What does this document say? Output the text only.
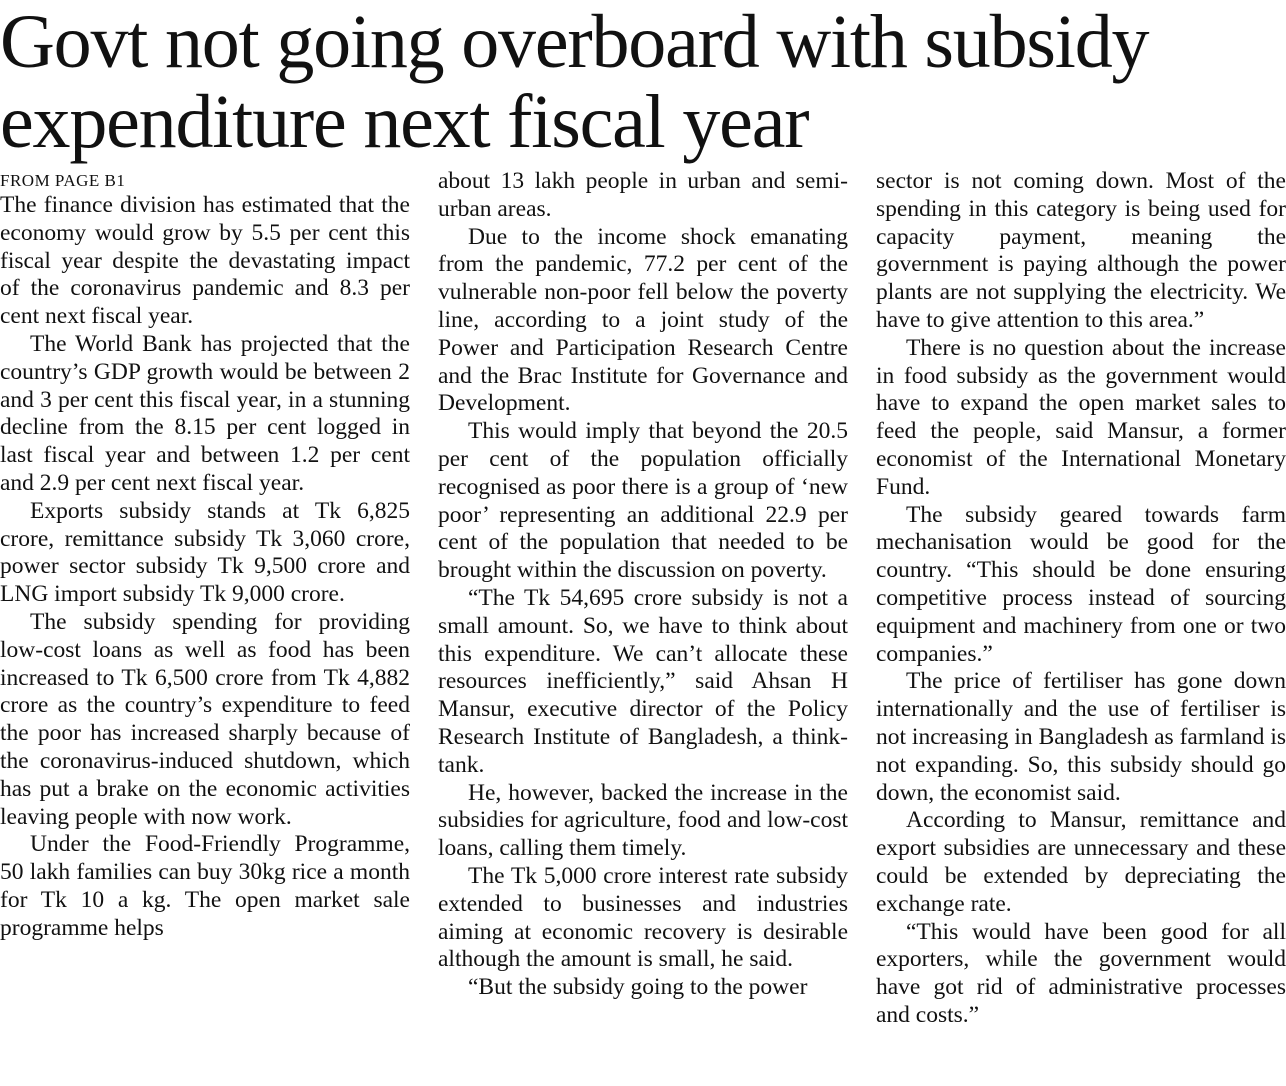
Govt not going overboard with subsidy
expenditure next fiscal year
FROM PAGE B1

The finance division has estimated that the economy would grow by 5.5 per cent this fiscal year despite the devastating impact of the coronavirus pandemic and 8.3 per cent next fiscal year.

The World Bank has projected that the country’s GDP growth would be between 2 and 3 per cent this fiscal year, in a stunning decline from the 8.15 per cent logged in last fiscal year and between 1.2 per cent and 2.9 per cent next fiscal year.

Exports subsidy stands at Tk 6,825 crore, remittance subsidy Tk 3,060 crore, power sector subsidy Tk 9,500 crore and LNG import subsidy Tk 9,000 crore.

The subsidy spending for providing low-cost loans as well as food has been increased to Tk 6,500 crore from Tk 4,882 crore as the country’s expenditure to feed the poor has increased sharply because of the coronavirus-induced shutdown, which has put a brake on the economic activities leaving people with now work.

Under the Food-Friendly Programme, 50 lakh families can buy 30kg rice a month for Tk 10 a kg. The open market sale programme helps

about 13 lakh people in urban and semi-urban areas.

Due to the income shock emanating from the pandemic, 77.2 per cent of the vulnerable non-poor fell below the poverty line, according to a joint study of the Power and Participation Research Centre and the Brac Institute for Governance and Development.

This would imply that beyond the 20.5 per cent of the population officially recognised as poor there is a group of ‘new poor’ representing an additional 22.9 per cent of the population that needed to be brought within the discussion on poverty.

“The Tk 54,695 crore subsidy is not a small amount. So, we have to think about this expenditure. We can’t allocate these resources inefficiently,” said Ahsan H Mansur, executive director of the Policy Research Institute of Bangladesh, a think-tank.

He, however, backed the increase in the subsidies for agriculture, food and low-cost loans, calling them timely.

The Tk 5,000 crore interest rate subsidy extended to businesses and industries aiming at economic recovery is desirable although the amount is small, he said.

“But the subsidy going to the power

sector is not coming down. Most of the spending in this category is being used for capacity payment, meaning the government is paying although the power plants are not supplying the electricity. We have to give attention to this area.”

There is no question about the increase in food subsidy as the government would have to expand the open market sales to feed the people, said Mansur, a former economist of the International Monetary Fund.

The subsidy geared towards farm mechanisation would be good for the country. “This should be done ensuring competitive process instead of sourcing equipment and machinery from one or two companies.”

The price of fertiliser has gone down internationally and the use of fertiliser is not increasing in Bangladesh as farmland is not expanding. So, this subsidy should go down, the economist said.

According to Mansur, remittance and export subsidies are unnecessary and these could be extended by depreciating the exchange rate.

“This would have been good for all exporters, while the government would have got rid of administrative processes and costs.”
